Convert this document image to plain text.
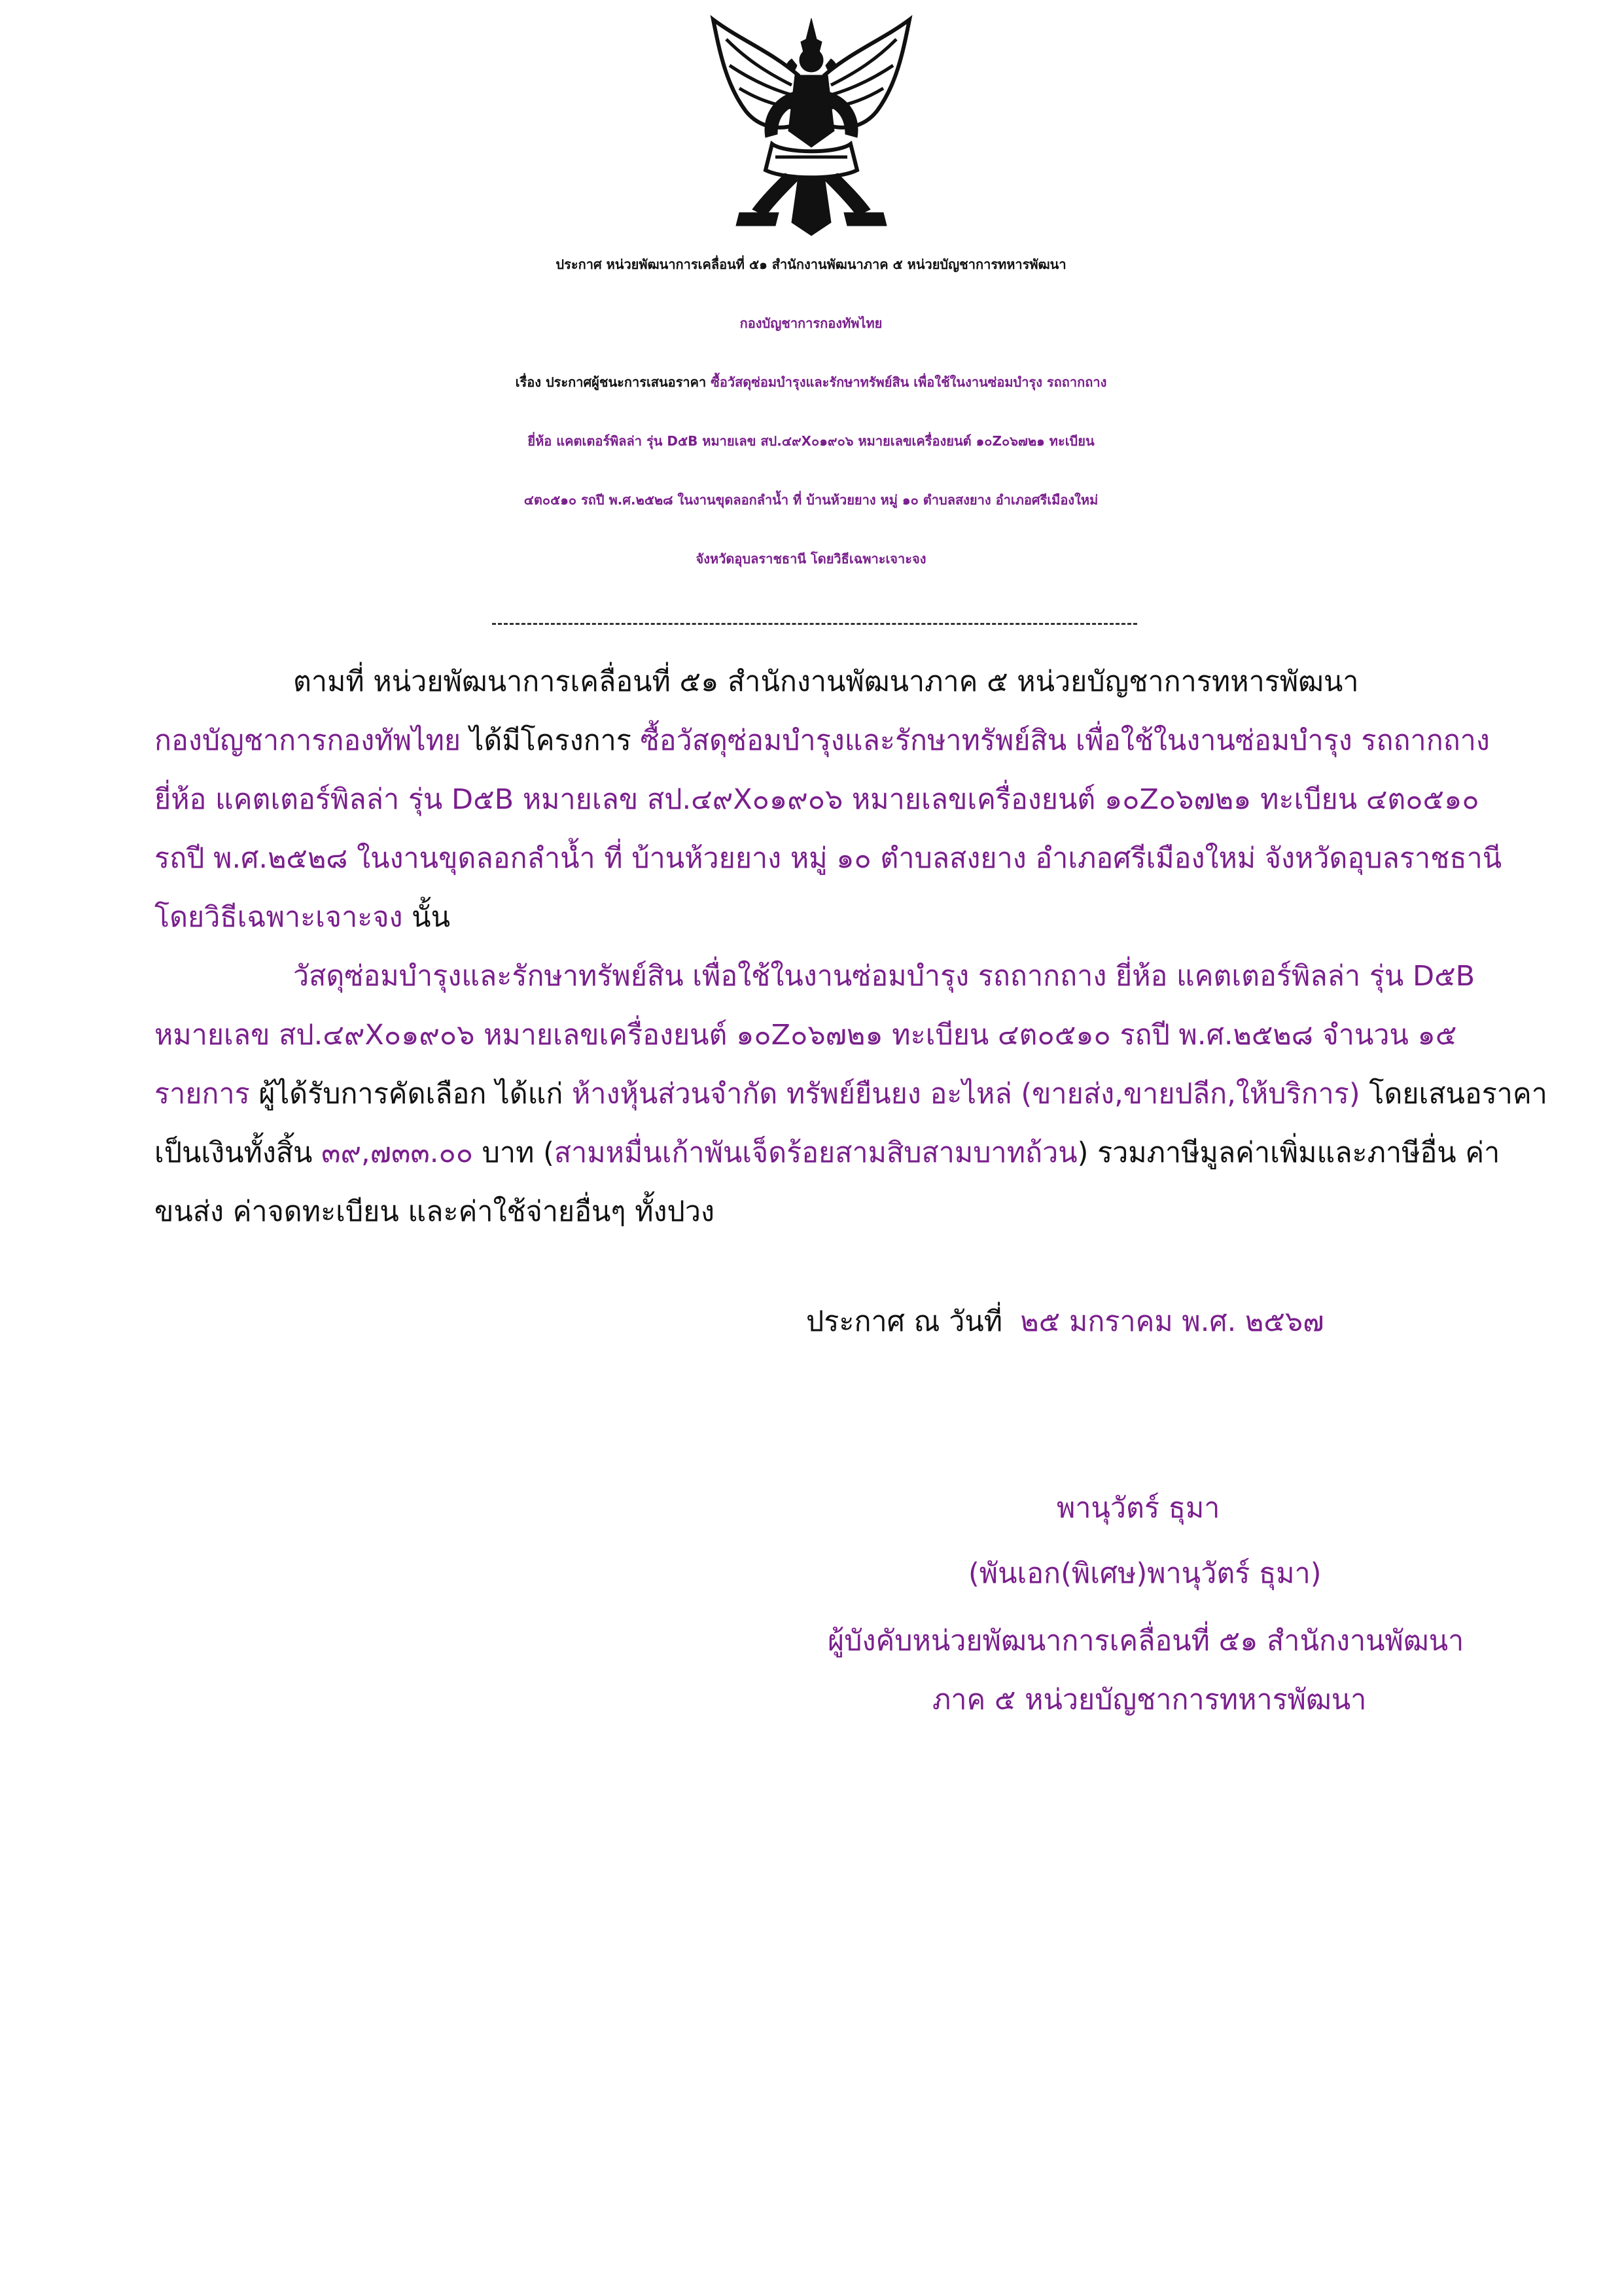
ประกาศ หน่วยพัฒนาการเคลื่อนที่ ๕๑ สำนักงานพัฒนาภาค ๕ หน่วยบัญชาการทหารพัฒนา
กองบัญชาการกองทัพไทย
เรื่อง ประกาศผู้ชนะการเสนอราคา ซื้อวัสดุซ่อมบำรุงและรักษาทรัพย์สิน เพื่อใช้ในงานซ่อมบำรุง รถถากถาง
ยี่ห้อ แคตเตอร์พิลล่า รุ่น D๕B หมายเลข สป.๔๙X๐๑๙๐๖ หมายเลขเครื่องยนต์ ๑๐Z๐๖๗๒๑ ทะเบียน
๔ต๐๕๑๐ รถปี พ.ศ.๒๕๒๘ ในงานขุดลอกลำน้ำ ที่ บ้านห้วยยาง หมู่ ๑๐ ตำบลสงยาง อำเภอศรีเมืองใหม่
จังหวัดอุบลราชธานี โดยวิธีเฉพาะเจาะจง
ตามที่ หน่วยพัฒนาการเคลื่อนที่ ๕๑ สำนักงานพัฒนาภาค ๕ หน่วยบัญชาการทหารพัฒนา
กองบัญชาการกองทัพไทย ได้มีโครงการ ซื้อวัสดุซ่อมบำรุงและรักษาทรัพย์สิน เพื่อใช้ในงานซ่อมบำรุง รถถากถาง
ยี่ห้อ แคตเตอร์พิลล่า รุ่น D๕B หมายเลข สป.๔๙X๐๑๙๐๖ หมายเลขเครื่องยนต์ ๑๐Z๐๖๗๒๑ ทะเบียน ๔ต๐๕๑๐
รถปี พ.ศ.๒๕๒๘ ในงานขุดลอกลำน้ำ ที่ บ้านห้วยยาง หมู่ ๑๐ ตำบลสงยาง อำเภอศรีเมืองใหม่ จังหวัดอุบลราชธานี
โดยวิธีเฉพาะเจาะจง นั้น
วัสดุซ่อมบำรุงและรักษาทรัพย์สิน เพื่อใช้ในงานซ่อมบำรุง รถถากถาง ยี่ห้อ แคตเตอร์พิลล่า รุ่น D๕B
หมายเลข สป.๔๙X๐๑๙๐๖ หมายเลขเครื่องยนต์ ๑๐Z๐๖๗๒๑ ทะเบียน ๔ต๐๕๑๐ รถปี พ.ศ.๒๕๒๘ จำนวน ๑๕
รายการ ผู้ได้รับการคัดเลือก ได้แก่ ห้างหุ้นส่วนจำกัด ทรัพย์ยืนยง อะไหล่ (ขายส่ง,ขายปลีก,ให้บริการ) โดยเสนอราคา
เป็นเงินทั้งสิ้น ๓๙,๗๓๓.๐๐ บาท (สามหมื่นเก้าพันเจ็ดร้อยสามสิบสามบาทถ้วน) รวมภาษีมูลค่าเพิ่มและภาษีอื่น ค่า
ขนส่ง ค่าจดทะเบียน และค่าใช้จ่ายอื่นๆ ทั้งปวง
ประกาศ ณ วันที่ ๒๕ มกราคม พ.ศ. ๒๕๖๗
พานุวัตร์ ธุมา
(พันเอก(พิเศษ)พานุวัตร์ ธุมา)
ผู้บังคับหน่วยพัฒนาการเคลื่อนที่ ๕๑ สำนักงานพัฒนา
ภาค ๕ หน่วยบัญชาการทหารพัฒนา
